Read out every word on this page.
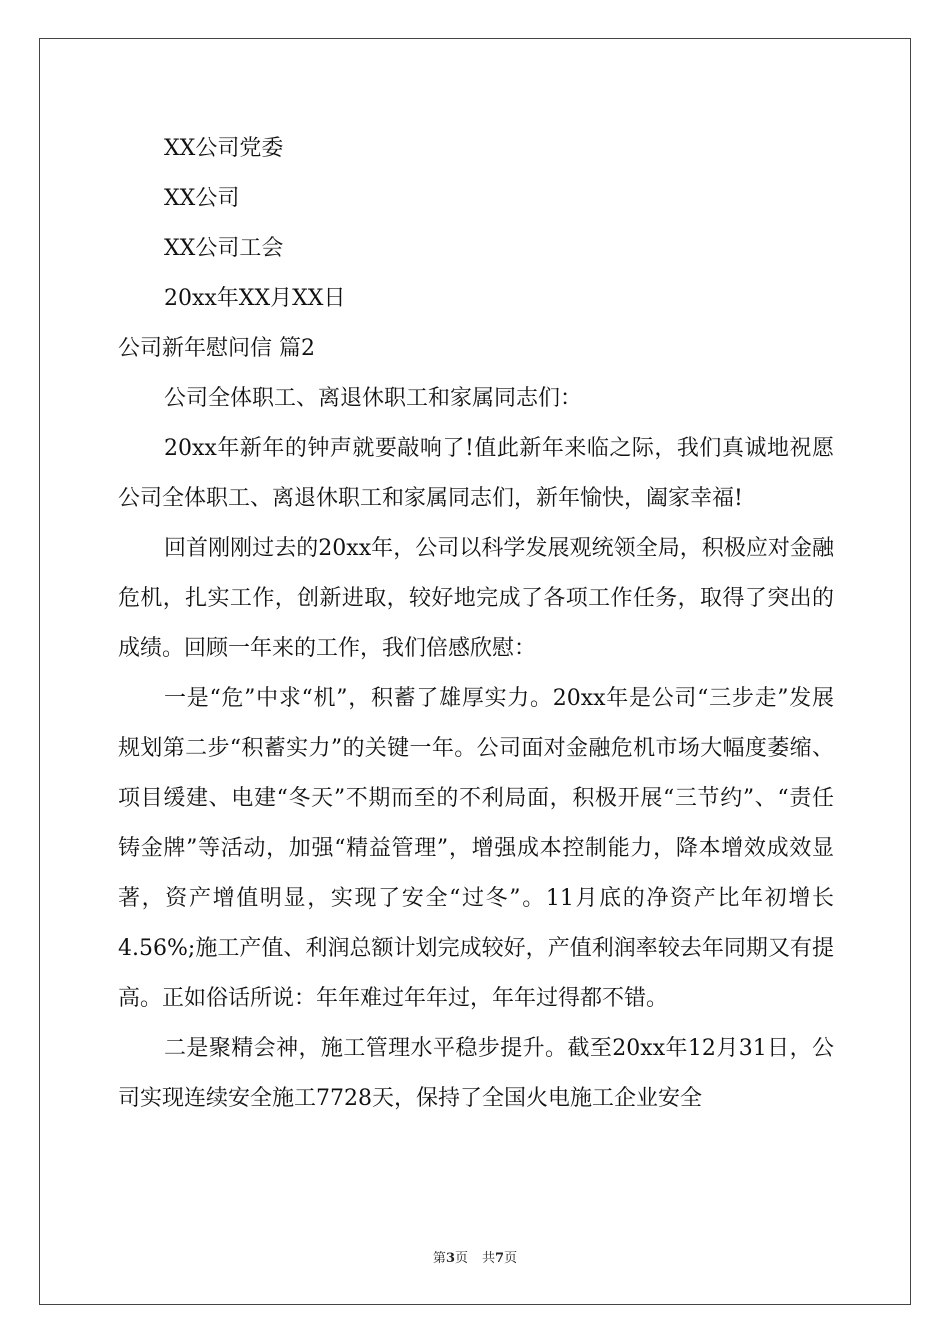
XX公司党委
XX公司
XX公司工会
20xx年XX月XX日
公司新年慰问信 篇2
公司全体职工、离退休职工和家属同志们：

20xx年新年的钟声就要敲响了!值此新年来临之际，我们真诚地祝愿公司全体职工、离退休职工和家属同志们，新年愉快，阖家幸福!

回首刚刚过去的20xx年，公司以科学发展观统领全局，积极应对金融危机，扎实工作，创新进取，较好地完成了各项工作任务，取得了突出的成绩。回顾一年来的工作，我们倍感欣慰：

一是“危”中求“机”，积蓄了雄厚实力。20xx年是公司“三步走”发展规划第二步“积蓄实力”的关键一年。公司面对金融危机市场大幅度萎缩、项目缓建、电建“冬天”不期而至的不利局面，积极开展“三节约”、“责任铸金牌”等活动，加强“精益管理”，增强成本控制能力，降本增效成效显著，资产增值明显，实现了安全“过冬”。11月底的净资产比年初增长4.56%;施工产值、利润总额计划完成较好，产值利润率较去年同期又有提高。正如俗话所说：年年难过年年过，年年过得都不错。

二是聚精会神，施工管理水平稳步提升。截至20xx年12月31日，公司实现连续安全施工7728天，保持了全国火电施工企业安全

第3页 共7页
